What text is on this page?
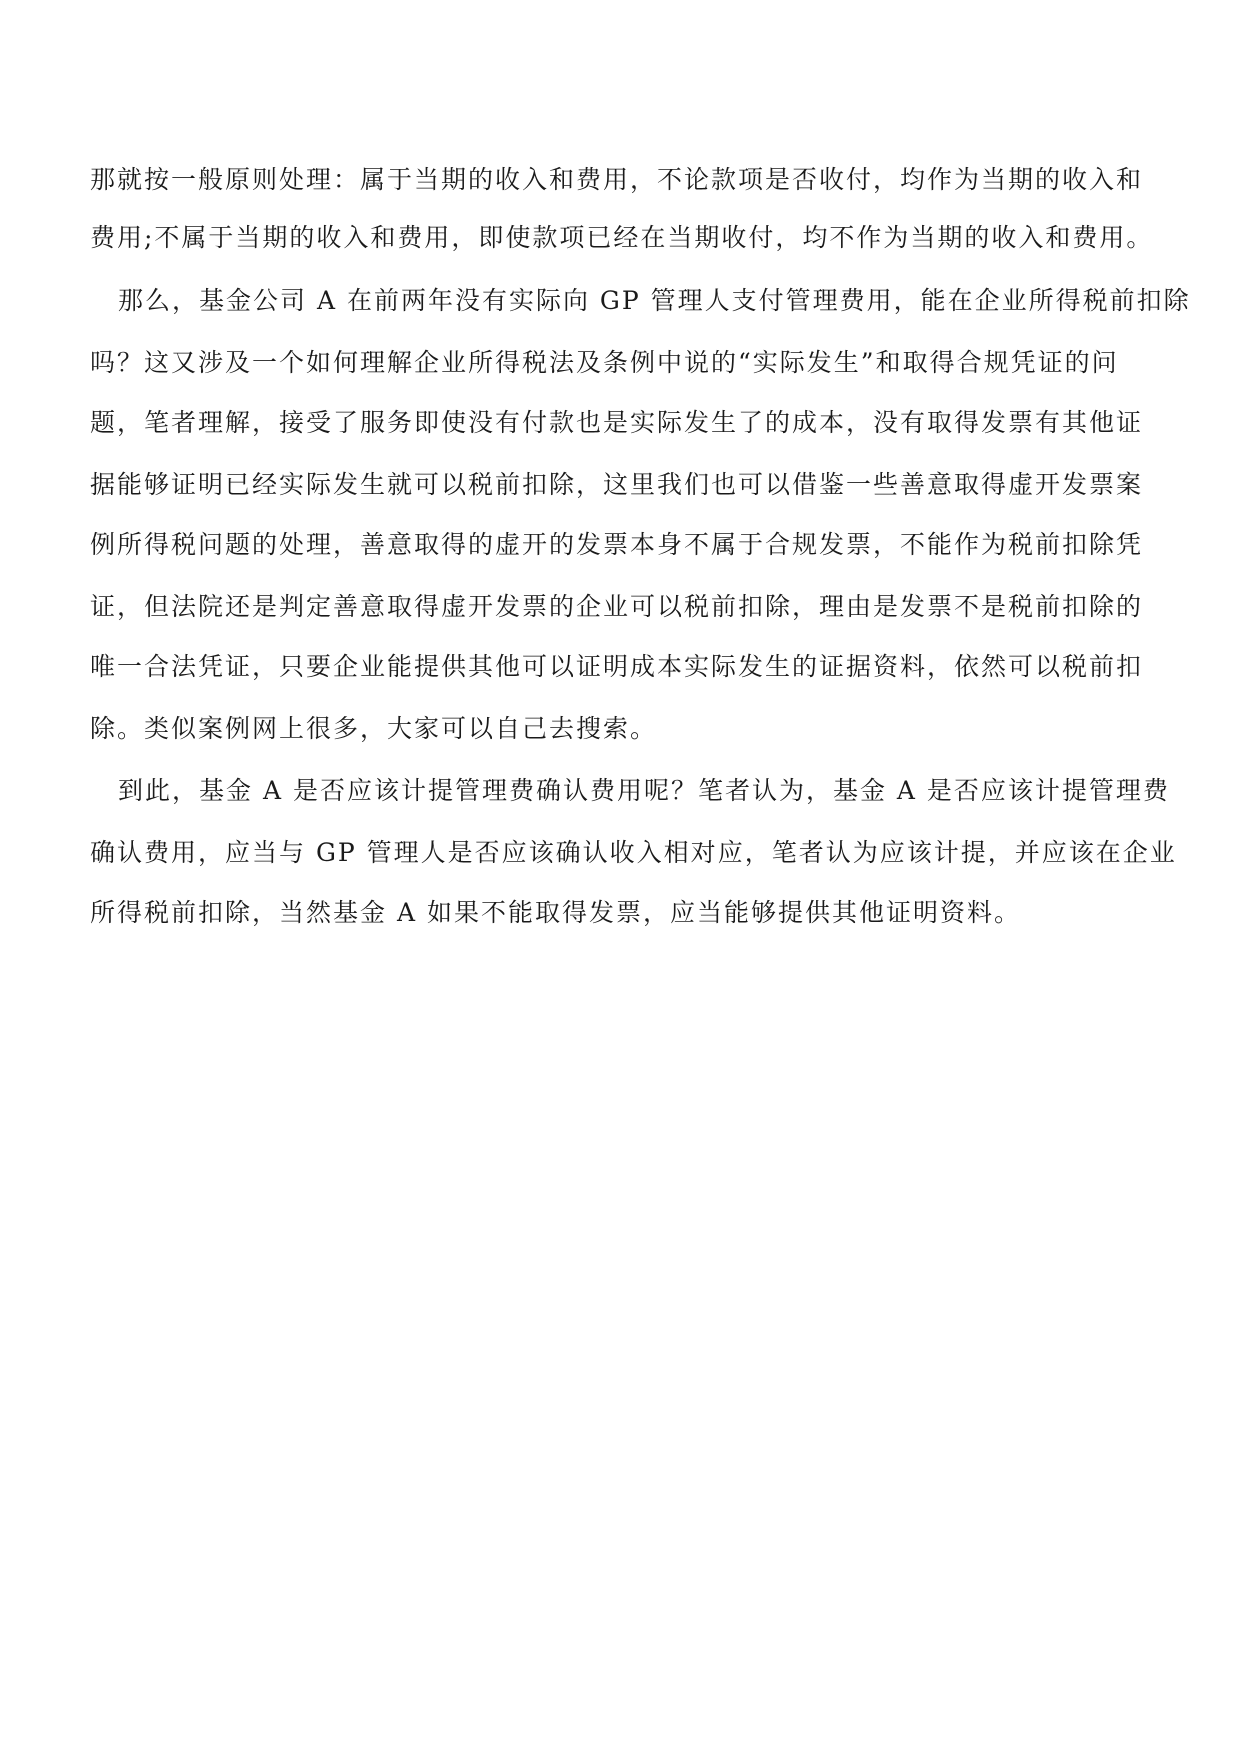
那就按一般原则处理：属于当期的收入和费用，不论款项是否收付，均作为当期的收入和
费用;不属于当期的收入和费用，即使款项已经在当期收付，均不作为当期的收入和费用。
那么，基金公司 A 在前两年没有实际向 GP 管理人支付管理费用，能在企业所得税前扣除
吗？这又涉及一个如何理解企业所得税法及条例中说的“实际发生”和取得合规凭证的问
题，笔者理解，接受了服务即使没有付款也是实际发生了的成本，没有取得发票有其他证
据能够证明已经实际发生就可以税前扣除，这里我们也可以借鉴一些善意取得虚开发票案
例所得税问题的处理，善意取得的虚开的发票本身不属于合规发票，不能作为税前扣除凭
证，但法院还是判定善意取得虚开发票的企业可以税前扣除，理由是发票不是税前扣除的
唯一合法凭证，只要企业能提供其他可以证明成本实际发生的证据资料，依然可以税前扣
除。类似案例网上很多，大家可以自己去搜索。
到此，基金 A 是否应该计提管理费确认费用呢？笔者认为，基金 A 是否应该计提管理费
确认费用，应当与 GP 管理人是否应该确认收入相对应，笔者认为应该计提，并应该在企业
所得税前扣除，当然基金 A 如果不能取得发票，应当能够提供其他证明资料。
